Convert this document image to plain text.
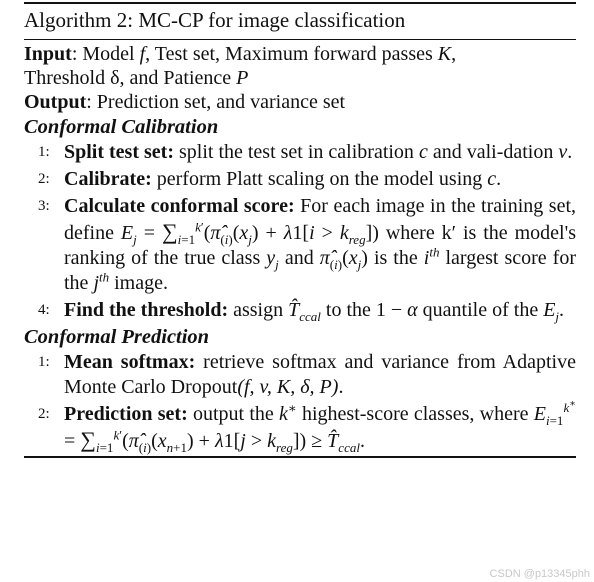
Algorithm 2: MC-CP for image classification
Input: Model f, Test set, Maximum forward passes K,
Threshold δ, and Patience P
Output: Prediction set, and variance set
Conformal Calibration
1: Split test set: split the test set in calibration c and vali-dation v.
2: Calibrate: perform Platt scaling on the model using c.
3: Calculate conformal score: For each image in the training set, define $E_j$ = $\sum_{i=1}^{k'}(\pî_{(i)}(x_j) + \lambda 1[i > k_{reg}])$ where k′ is the model's ranking of the true class $y_j$ and $\pî_{(i)}(x_j)$ is the $i^{th}$ largest score for the $j^{th}$ image.
4: Find the threshold: assign $T̂_{ccal}$ to the 1 − α quantile of the $E_j$.
Conformal Prediction
1: Mean softmax: retrieve softmax and variance from Adaptive Monte Carlo Dropout(f, v, K, δ, P).
2: Prediction set: output the k∗ highest-score classes, where $E_{i=1}^{k^∗}$ = $\sum_{i=1}^{k'}(\pî_{(i)}(x_{n+1}) + \lambda 1[j > k_{reg}])$ ≥ $T̂_{ccal}$.
CSDN @p13345phh
